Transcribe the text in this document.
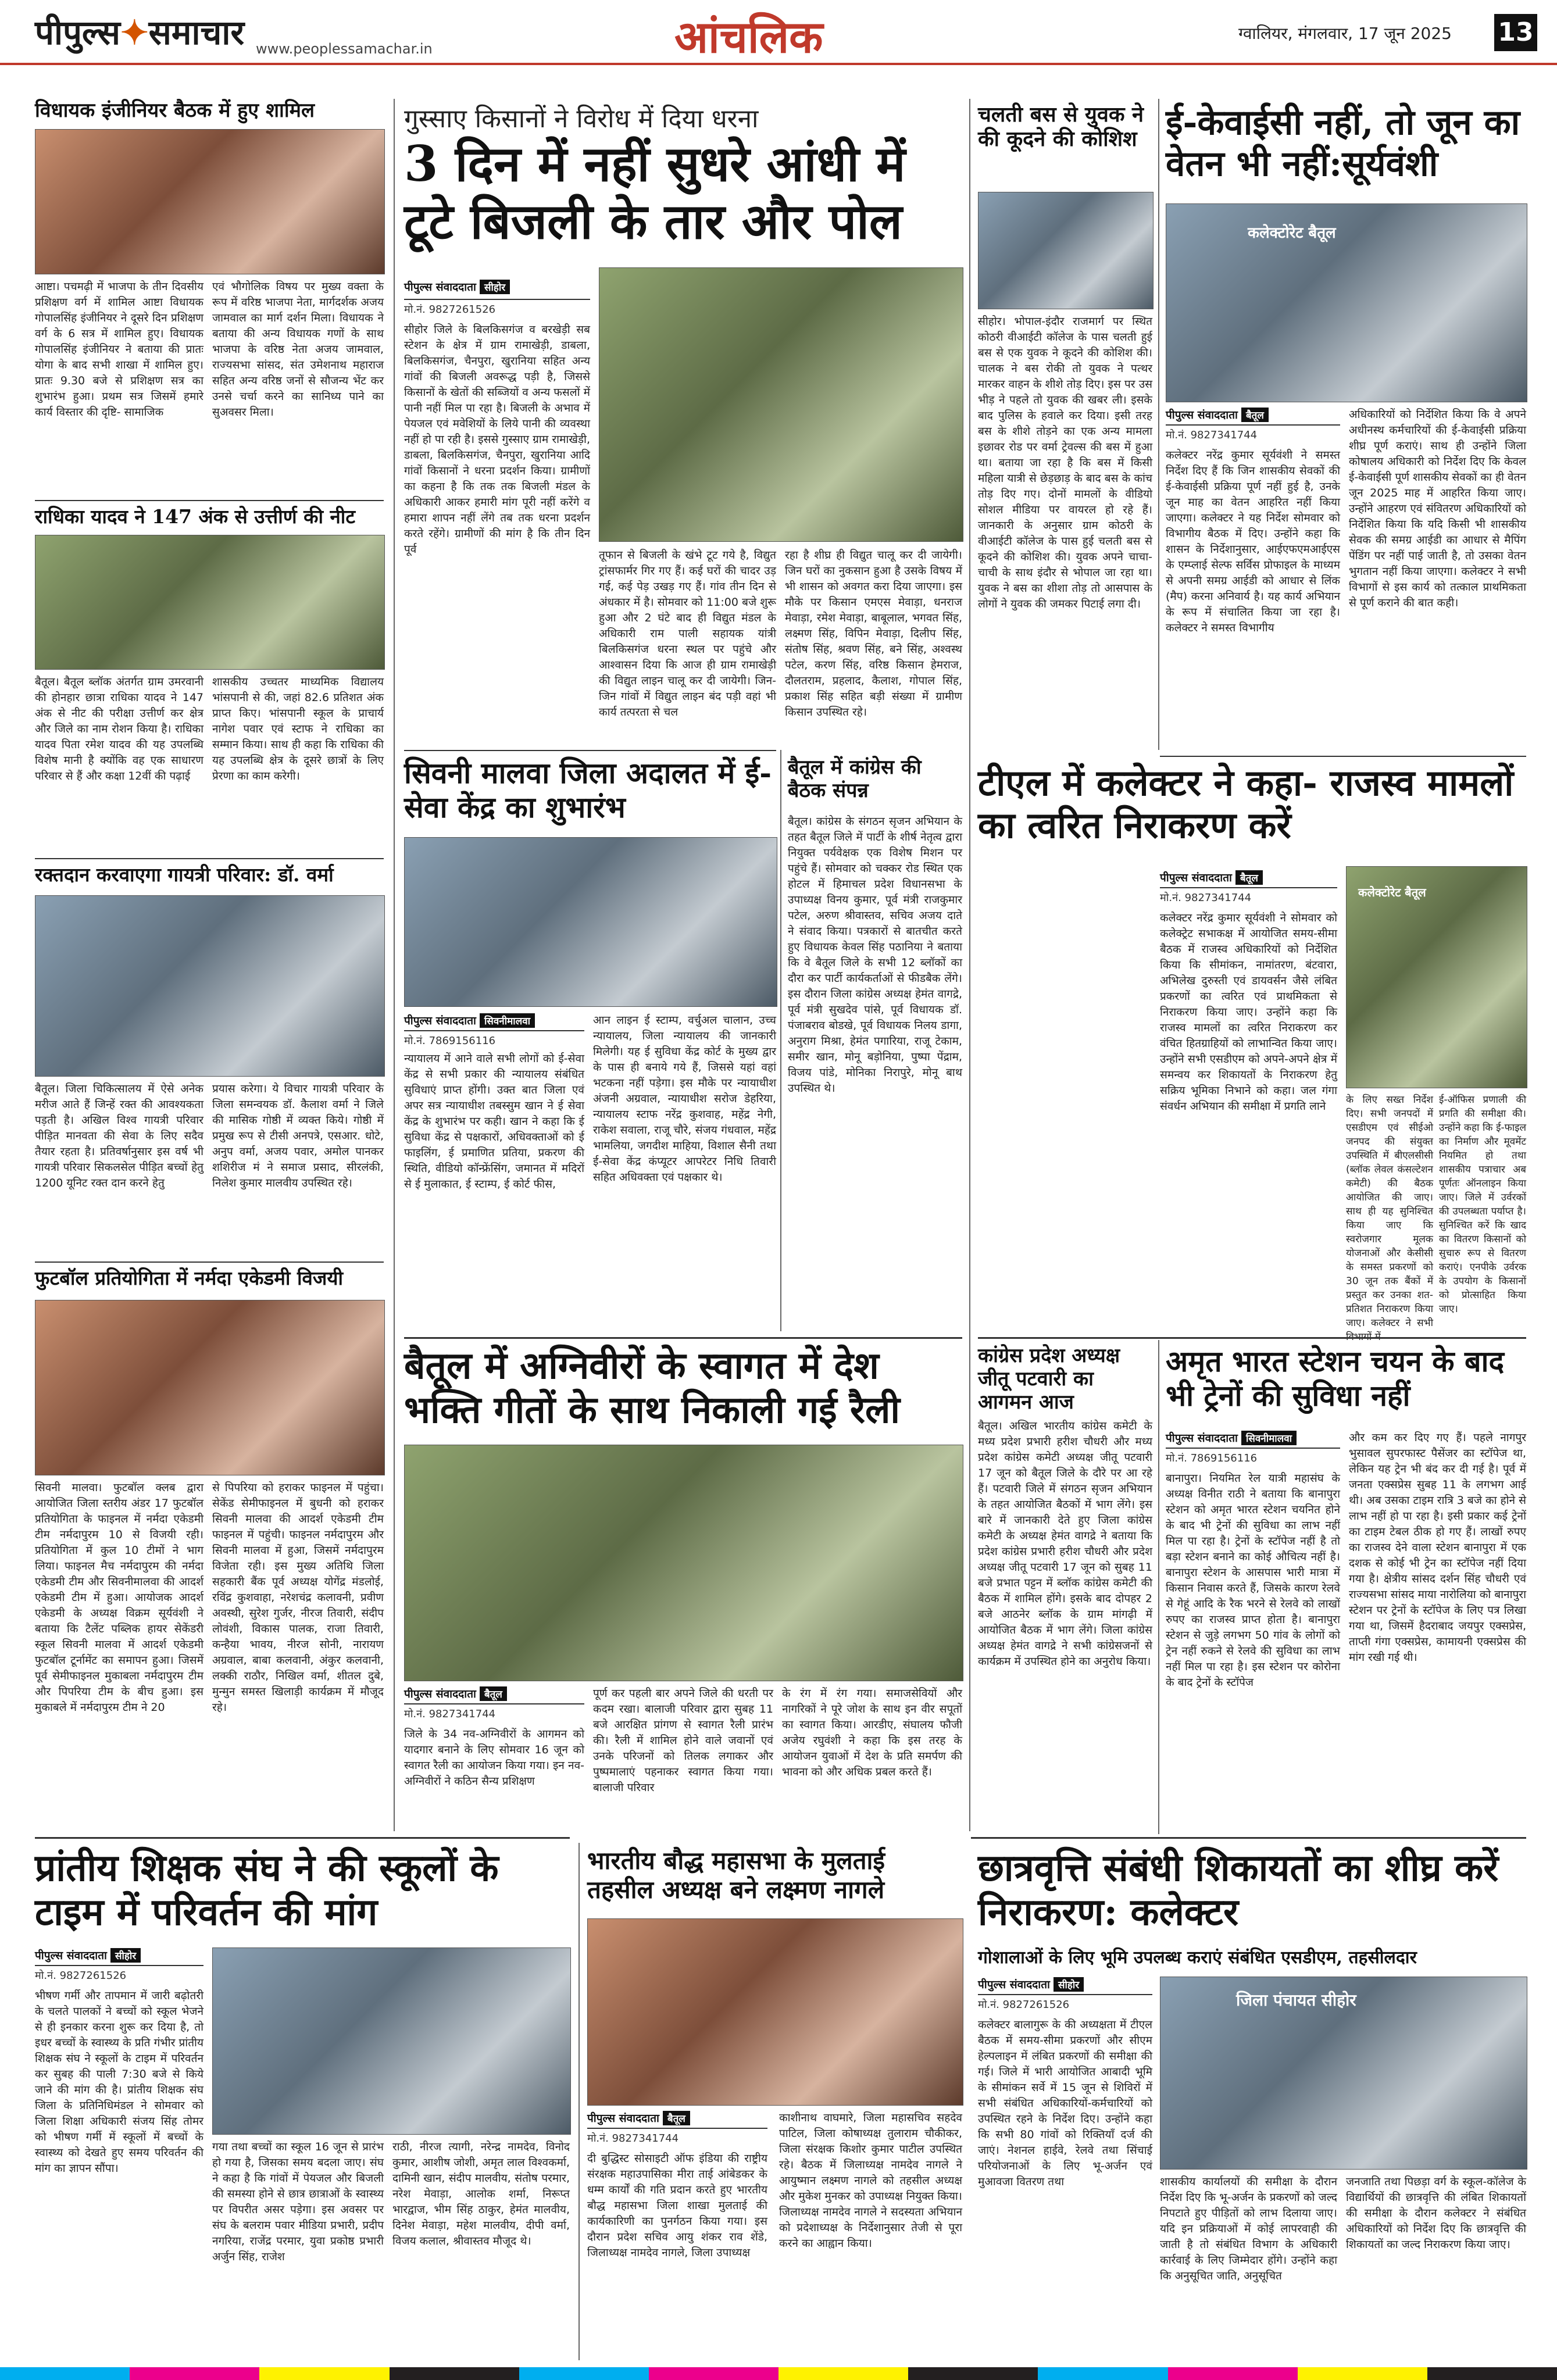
पीपुल्स✦समाचार www.peoplessamachar.in	आंचलिक	ग्वालियर, मंगलवार, 17 जून 2025 13
विधायक इंजीनियर बैठक में हुए शामिल
आष्टा। पचमढ़ी में भाजपा के तीन दिवसीय प्रशिक्षण वर्ग में शामिल आष्टा विधायक गोपालसिंह इंजीनियर ने दूसरे दिन प्रशिक्षण वर्ग के 6 सत्र में शामिल हुए। विधायक गोपालसिंह इंजीनियर ने बताया की प्रातः योगा के बाद सभी शाखा में शामिल हुए। प्रातः 9.30 बजे से प्रशिक्षण सत्र का शुभारंभ हुआ। प्रथम सत्र जिसमें हमारे कार्य विस्तार की दृष्टि- सामाजिक
एवं भौगोलिक विषय पर मुख्य वक्ता के रूप में वरिष्ठ भाजपा नेता, मार्गदर्शक अजय जामवाल का मार्ग दर्शन मिला। विधायक ने बताया की अन्य विधायक गणों के साथ भाजपा के वरिष्ठ नेता अजय जामवाल, राज्यसभा सांसद, संत उमेशनाथ महाराज सहित अन्य वरिष्ठ जनों से सौजन्य भेंट कर उनसे चर्चा करने का सानिध्य पाने का सुअवसर मिला।
राधिका यादव ने 147 अंक से उत्तीर्ण की नीट
बैतूल। बैतूल ब्लॉक अंतर्गत ग्राम उमरवानी की होनहार छात्रा राधिका यादव ने 147 अंक से नीट की परीक्षा उत्तीर्ण कर क्षेत्र और जिले का नाम रोशन किया है। राधिका यादव पिता रमेश यादव की यह उपलब्धि विशेष मानी है क्योंकि वह एक साधारण परिवार से हैं और कक्षा 12वीं की पढ़ाई
शासकीय उच्चतर माध्यमिक विद्यालय भांसपानी से की, जहां 82.6 प्रतिशत अंक प्राप्त किए। भांसपानी स्कूल के प्राचार्य नागेश पवार एवं स्टाफ ने राधिका का सम्मान किया। साथ ही कहा कि राधिका की यह उपलब्धि क्षेत्र के दूसरे छात्रों के लिए प्रेरणा का काम करेगी।
रक्तदान करवाएगा गायत्री परिवार: डॉ. वर्मा
बैतूल। जिला चिकित्सालय में ऐसे अनेक मरीज आते हैं जिन्हें रक्त की आवश्यकता पड़ती है। अखिल विश्व गायत्री परिवार पीड़ित मानवता की सेवा के लिए सदैव तैयार रहता है। प्रतिवर्षानुसार इस वर्ष भी गायत्री परिवार सिकलसेल पीड़ित बच्चों हेतु 1200 यूनिट रक्त दान करने हेतु
प्रयास करेगा। ये विचार गायत्री परिवार के जिला समन्वयक डॉ. कैलाश वर्मा ने जिले की मासिक गोष्ठी में व्यक्त किये। गोष्ठी में प्रमुख रूप से टीसी अनपत्रे, एसआर. धोटे, अनुप वर्मा, अजय पवार, अमोल पानकर शशिरीज मं ने समाज प्रसाद, सीरलंकी, निलेश कुमार मालवीय उपस्थित रहे।
फुटबॉल प्रतियोगिता में नर्मदा एकेडमी विजयी
सिवनी मालवा। फुटबॉल क्लब द्वारा आयोजित जिला स्तरीय अंडर 17 फुटबॉल प्रतियोगिता के फाइनल में नर्मदा एकेडमी टीम नर्मदापुरम 10 से विजयी रही। प्रतियोगिता में कुल 10 टीमों ने भाग लिया। फाइनल मैच नर्मदापुरम की नर्मदा एकेडमी टीम और सिवनीमालवा की आदर्श एकेडमी टीम में हुआ। आयोजक आदर्श एकेडमी के अध्यक्ष विक्रम सूर्यवंशी ने बताया कि टैलेंट पब्लिक हायर सेकेंडरी स्कूल सिवनी मालवा में आदर्श एकेडमी फुटबॉल टूर्नामेंट का समापन हुआ। जिसमें पूर्व सेमीफाइनल मुकाबला नर्मदापुरम टीम और पिपरिया टीम के बीच हुआ। इस मुकाबले में नर्मदापुरम टीम ने 20
से पिपरिया को हराकर फाइनल में पहुंचा। सेकेंड सेमीफाइनल में बुधनी को हराकर सिवनी मालवा की आदर्श एकेडमी टीम फाइनल में पहुंची। फाइनल नर्मदापुरम और सिवनी मालवा में हुआ, जिसमें नर्मदापुरम विजेता रही। इस मुख्य अतिथि जिला सहकारी बैंक पूर्व अध्यक्ष योगेंद्र मंडलोई, रविंद्र कुशवाहा, नरेशचंद्र कलावनी, प्रवीण अवस्थी, सुरेश गुर्जर, नीरज तिवारी, संदीप लोवंशी, विकास पालक, राजा तिवारी, कन्हैया भावय, नीरज सोनी, नारायण अग्रवाल, बाबा कलवानी, अंकुर कलवानी, लक्की राठौर, निखिल वर्मा, शीतल दुबे, मुन्मुन समस्त खिलाड़ी कार्यक्रम में मौजूद रहे।
प्रांतीय शिक्षक संघ ने की स्कूलों के टाइम में परिवर्तन की मांग
पीपुल्स संवाददाता सीहोर
मो.नं. 9827261526
भीषण गर्मी और तापमान में जारी बढ़ोतरी के चलते पालकों ने बच्चों को स्कूल भेजने से ही इनकार करना शुरू कर दिया है, तो इधर बच्चों के स्वास्थ्य के प्रति गंभीर प्रांतीय शिक्षक संघ ने स्कूलों के टाइम में परिवर्तन कर सुबह की पाली 7:30 बजे से किये जाने की मांग की है। प्रांतीय शिक्षक संघ जिला के प्रतिनिधिमंडल ने सोमवार को जिला शिक्षा अधिकारी संजय सिंह तोमर को भीषण गर्मी में स्कूलों में बच्चों के स्वास्थ्य को देखते हुए समय परिवर्तन की मांग का ज्ञापन सौंपा।
गया तथा बच्चों का स्कूल 16 जून से प्रारंभ हो गया है, जिसका समय बदला जाए। संघ ने कहा है कि गांवों में पेयजल और बिजली की समस्या होने से छात्र छात्राओं के स्वास्थ्य पर विपरीत असर पड़ेगा। इस अवसर पर संघ के बलराम पवार मीडिया प्रभारी, प्रदीप नगरिया, राजेंद्र परमार, युवा प्रकोष्ठ प्रभारी अर्जुन सिंह, राजेश
राठी, नीरज त्यागी, नरेन्द्र नामदेव, विनोद कुमार, आशीष जोशी, अमृत लाल विश्वकर्मा, दामिनी खान, संदीप मालवीय, संतोष परमार, नरेश मेवाड़ा, आलोक शर्मा, निरूप्त भारद्वाज, भीम सिंह ठाकुर, हेमंत मालवीय, दिनेश मेवाड़ा, महेश मालवीय, दीपी वर्मा, विजय कलाल, श्रीवास्तव मौजूद थे।
गुस्साए किसानों ने विरोध में दिया धरना
3 दिन में नहीं सुधरे आंधी में टूटे बिजली के तार और पोल
पीपुल्स संवाददाता सीहोर
मो.नं. 9827261526
सीहोर जिले के बिलकिसगंज व बरखेड़ी सब स्टेशन के क्षेत्र में ग्राम रामाखेड़ी, डाबला, बिलकिसगंज, चैनपुरा, खुरानिया सहित अन्य गांवों की बिजली अवरूद्ध पड़ी है, जिससे किसानों के खेतों की सब्जियों व अन्य फसलों में पानी नहीं मिल पा रहा है। बिजली के अभाव में पेयजल एवं मवेशियों के लिये पानी की व्यवस्था नहीं हो पा रही है। इससे गुस्साए ग्राम रामाखेड़ी, डाबला, बिलकिसगंज, चैनपुरा, खुरानिया आदि गांवों किसानों ने धरना प्रदर्शन किया। ग्रामीणों का कहना है कि तक तक बिजली मंडल के अधिकारी आकर हमारी मांग पूरी नहीं करेंगे व हमारा शापन नहीं लेंगे तब तक धरना प्रदर्शन करते रहेंगे। ग्रामीणों की मांग है कि तीन दिन पूर्व	तूफान से बिजली के खंभे टूट गये है, विद्युत ट्रांसफार्मर गिर गए हैं। कई घरों की चादर उड़ गई, कई पेड़ उखड़ गए हैं। गांव तीन दिन से अंधकार में है। सोमवार को 11:00 बजे शुरू हुआ और 2 घंटे बाद ही विद्युत मंडल के अधिकारी राम पाली सहायक यांत्री बिलकिसगंज धरना स्थल पर पहुंचे और आश्वासन दिया कि आज ही ग्राम रामाखेड़ी की विद्युत लाइन चालू कर दी जायेगी। जिन-जिन गांवों में विद्युत लाइन बंद पड़ी वहां भी कार्य तत्परता से चल
रहा है शीघ्र ही विद्युत चालू कर दी जायेगी। जिन घरों का नुकसान हुआ है उसके विषय में भी शासन को अवगत करा दिया जाएगा। इस मौके पर किसान एमएस मेवाड़ा, धनराज मेवाड़ा, रमेश मेवाड़ा, बाबूलाल, भगवत सिंह, लक्ष्मण सिंह, विपिन मेवाड़ा, दिलीप सिंह, संतोष सिंह, श्रवण सिंह, बने सिंह, अश्वस्थ पटेल, करण सिंह, वरिष्ठ किसान हेमराज, दौलतराम, प्रहलाद, कैलाश, गोपाल सिंह, प्रकाश सिंह सहित बड़ी संख्या में ग्रामीण किसान उपस्थित रहे।
सिवनी मालवा जिला अदालत में ई-सेवा केंद्र का शुभारंभ
पीपुल्स संवाददाता सिवनीमालवा
मो.नं. 7869156116
न्यायालय में आने वाले सभी लोगों को ई-सेवा केंद्र से सभी प्रकार की न्यायालय संबंधित सुविधाएं प्राप्त होंगी। उक्त बात जिला एवं अपर सत्र न्यायाधीश तबस्सुम खान ने ई सेवा केंद्र के शुभारंभ पर कही। खान ने कहा कि ई सुविधा केंद्र से पक्षकारों, अधिवक्ताओं को ई फाइलिंग, ई प्रमाणित प्रतिया, प्रकरण की स्थिति, वीडियो कॉन्फ्रेंसिंग, जमानत में मदिरों से ई मुलाकात, ई स्टाम्प, ई कोर्ट फीस,
आन लाइन ई स्टाम्प, वर्चुअल चालान, उच्च न्यायालय, जिला न्यायालय की जानकारी मिलेगी। यह ई सुविधा केंद्र कोर्ट के मुख्य द्वार के पास ही बनाये गये हैं, जिससे यहां वहां भटकना नहीं पड़ेगा। इस मौके पर न्यायाधीश अंजनी अग्रवाल, न्यायाधीश सरोज डेहरिया, न्यायालय स्टाफ नरेंद्र कुशवाह, महेंद्र नेगी, राकेश सवाला, राजू चौरे, संजय गंधवाल, महेंद्र भामलिया, जगदीश माहिया, विशाल सैनी तथा ई-सेवा केंद्र कंप्यूटर आपरेटर निधि तिवारी सहित अधिवक्ता एवं पक्षकार थे।
बैतूल में कांग्रेस की बैठक संपन्न
बैतूल। कांग्रेस के संगठन सृजन अभियान के तहत बैतूल जिले में पार्टी के शीर्ष नेतृत्व द्वारा नियुक्त पर्यवेक्षक एक विशेष मिशन पर पहुंचे हैं। सोमवार को चक्कर रोड स्थित एक होटल में हिमाचल प्रदेश विधानसभा के उपाध्यक्ष विनय कुमार, पूर्व मंत्री राजकुमार पटेल, अरुण श्रीवास्तव, सचिव अजय दाते ने संवाद किया। पत्रकारों से बातचीत करते हुए विधायक केवल सिंह पठानिया ने बताया कि वे बैतूल जिले के सभी 12 ब्लॉकों का दौरा कर पार्टी कार्यकर्ताओं से फीडबैक लेंगे। इस दौरान जिला कांग्रेस अध्यक्ष हेमंत वागद्रे, पूर्व मंत्री सुखदेव पांसे, पूर्व विधायक डॉ. पंजाबराव बोडखे, पूर्व विधायक निलय डागा, अनुराग मिश्रा, हेमंत पगारिया, राजू टेकाम, समीर खान, मोनू बड़ोनिया, पुष्पा पेंद्राम, विजय पांडे, मोनिका निरापुरे, मोनू बाथ उपस्थित थे।
बैतूल में अग्निवीरों के स्वागत में देश भक्ति गीतों के साथ निकाली गई रैली
पीपुल्स संवाददाता बैतूल
मो.नं. 9827341744
जिले के 34 नव-अग्निवीरों के आगमन को यादगार बनाने के लिए सोमवार 16 जून को स्वागत रैली का आयोजन किया गया। इन नव-अग्निवीरों ने कठिन सैन्य प्रशिक्षण
पूर्ण कर पहली बार अपने जिले की धरती पर कदम रखा। बालाजी परिवार द्वारा सुबह 11 बजे आरक्षित प्रांगण से स्वागत रैली प्रारंभ की। रैली में शामिल होने वाले जवानों एवं उनके परिजनों को तिलक लगाकर और पुष्पमालाएं पहनाकर स्वागत किया गया। बालाजी परिवार
के रंग में रंग गया। समाजसेवियों और नागरिकों ने पूरे जोश के साथ इन वीर सपूतों का स्वागत किया। आरडीए, संघालय फौजी अजेय रघुवंशी ने कहा कि इस तरह के आयोजन युवाओं में देश के प्रति समर्पण की भावना को और अधिक प्रबल करते हैं।
भारतीय बौद्ध महासभा के मुलताई तहसील अध्यक्ष बने लक्ष्मण नागले
पीपुल्स संवाददाता बैतूल
मो.नं. 9827341744
दी बुद्धिस्ट सोसाइटी ऑफ इंडिया की राष्ट्रीय संरक्षक महाउपासिका मीरा ताई आंबेडकर के धम्म कार्यों की गति प्रदान करते हुए भारतीय बौद्ध महासभा जिला शाखा मुलताई की कार्यकारिणी का पुनर्गठन किया गया। इस दौरान प्रदेश सचिव आयु शंकर राव शेंडे, जिलाध्यक्ष नामदेव नागले, जिला उपाध्यक्ष
काशीनाथ वाघमारे, जिला महासचिव सहदेव पाटिल, जिला कोषाध्यक्ष तुलाराम चौकीकर, जिला संरक्षक किशोर कुमार पाटील उपस्थित रहे। बैठक में जिलाध्यक्ष नामदेव नागले ने आयुष्मान लक्ष्मण नागले को तहसील अध्यक्ष और मुकेश मुनकर को उपाध्यक्ष नियुक्त किया। जिलाध्यक्ष नामदेव नागले ने सदस्यता अभियान को प्रदेशाध्यक्ष के निर्देशानुसार तेजी से पूरा करने का आह्वान किया।
चलती बस से युवक ने की कूदने की कोशिश
सीहोर। भोपाल-इंदौर राजमार्ग पर स्थित कोठरी वीआईटी कॉलेज के पास चलती हुई बस से एक युवक ने कूदने की कोशिश की। चालक ने बस रोकी तो युवक ने पत्थर मारकर वाहन के शीशे तोड़ दिए। इस पर उस भीड़ ने पहले तो युवक की खबर ली। इसके बाद पुलिस के हवाले कर दिया। इसी तरह बस के शीशे तोड़ने का एक अन्य मामला इछावर रोड पर वर्मा ट्रेवल्स की बस में हुआ था। बताया जा रहा है कि बस में किसी महिला यात्री से छेड़छाड़ के बाद बस के कांच तोड़ दिए गए। दोनों मामलों के वीडियो सोशल मीडिया पर वायरल हो रहे हैं। जानकारी के अनुसार ग्राम कोठरी के वीआईटी कॉलेज के पास हुई चलती बस से कूदने की कोशिश की। युवक अपने चाचा-चाची के साथ इंदौर से भोपाल जा रहा था। युवक ने बस का शीशा तोड़ तो आसपास के लोगों ने युवक की जमकर पिटाई लगा दी।
ई-केवाईसी नहीं, तो जून का वेतन भी नहीं:सूर्यवंशी
कलेक्टोरेट बैतूल
पीपुल्स संवाददाता बैतूल
मो.नं. 9827341744
कलेक्टर नरेंद्र कुमार सूर्यवंशी ने समस्त निर्देश दिए हैं कि जिन शासकीय सेवकों की ई-केवाईसी प्रक्रिया पूर्ण नहीं हुई है, उनके जून माह का वेतन आहरित नहीं किया जाएगा। कलेक्टर ने यह निर्देश सोमवार को विभागीय बैठक में दिए। उन्होंने कहा कि शासन के निर्देशानुसार, आईएफएमआईएस के एम्प्लाई सेल्फ सर्विस प्रोफाइल के माध्यम से अपनी समग्र आईडी को आधार से लिंक (मैप) करना अनिवार्य है। यह कार्य अभियान के रूप में संचालित किया जा रहा है। कलेक्टर ने समस्त विभागीय
अधिकारियों को निर्देशित किया कि वे अपने अधीनस्थ कर्मचारियों की ई-केवाईसी प्रक्रिया शीघ्र पूर्ण कराएं। साथ ही उन्होंने जिला कोषालय अधिकारी को निर्देश दिए कि केवल ई-केवाईसी पूर्ण शासकीय सेवकों का ही वेतन जून 2025 माह में आहरित किया जाए। उन्होंने आहरण एवं संवितरण अधिकारियों को निर्देशित किया कि यदि किसी भी शासकीय सेवक की समग्र आईडी का आधार से मैपिंग पेंडिंग पर नहीं पाई जाती है, तो उसका वेतन भुगतान नहीं किया जाएगा। कलेक्टर ने सभी विभागों से इस कार्य को तत्काल प्राथमिकता से पूर्ण कराने की बात कही।
टीएल में कलेक्टर ने कहा- राजस्व मामलों का त्वरित निराकरण करें
पीपुल्स संवाददाता बैतूल
मो.नं. 9827341744
कलेक्टर नरेंद्र कुमार सूर्यवंशी ने सोमवार को कलेक्ट्रेट सभाकक्ष में आयोजित समय-सीमा बैठक में राजस्व अधिकारियों को निर्देशित किया कि सीमांकन, नामांतरण, बंटवारा, अभिलेख दुरुस्ती एवं डायवर्सन जैसे लंबित प्रकरणों का त्वरित एवं प्राथमिकता से निराकरण किया जाए। उन्होंने कहा कि राजस्व मामलों का त्वरित निराकरण कर वंचित हितग्राहियों को लाभान्वित किया जाए। उन्होंने सभी एसडीएम को अपने-अपने क्षेत्र में समन्वय कर शिकायतों के निराकरण हेतु सक्रिय भूमिका निभाने को कहा। जल गंगा संवर्धन अभियान की समीक्षा में प्रगति लाने
कलेक्टोरेट बैतूल
के लिए सख्त निर्देश दिए। सभी जनपदों में एसडीएम एवं सीईओ जनपद की संयुक्त उपस्थिति में बीएलसीसी (ब्लॉक लेवल कंसल्टेशन कमेटी) की बैठक आयोजित की जाए। साथ ही यह सुनिश्चित किया जाए कि स्वरोजगार मूलक योजनाओं और केसीसी के समस्त प्रकरणों को 30 जून तक बैंकों में प्रस्तुत कर उनका शत-प्रतिशत निराकरण किया जाए। कलेक्टर ने सभी
ई-ऑफिस प्रणाली की प्रगति की समीक्षा की। उन्होंने कहा कि ई-फाइल का निर्माण और मूवमेंट नियमित हो तथा शासकीय पत्राचार अब पूर्णतः ऑनलाइन किया जाए। जिले में उर्वरकों की उपलब्धता पर्याप्त है। सुनिश्चित करें कि खाद का वितरण किसानों को सुचारु रूप से वितरण कराएं। एनपीके उर्वरक के उपयोग के किसानों को प्रोत्साहित किया जाए।
कांग्रेस प्रदेश अध्यक्ष जीतू पटवारी का आगमन आज
बैतूल। अखिल भारतीय कांग्रेस कमेटी के मध्य प्रदेश प्रभारी हरीश चौधरी और मध्य प्रदेश कांग्रेस कमेटी अध्यक्ष जीतू पटवारी 17 जून को बैतूल जिले के दौरे पर आ रहे हैं। पटवारी जिले में संगठन सृजन अभियान के तहत आयोजित बैठकों में भाग लेंगे। इस बारे में जानकारी देते हुए जिला कांग्रेस कमेटी के अध्यक्ष हेमंत वागद्रे ने बताया कि प्रदेश कांग्रेस प्रभारी हरीश चौधरी और प्रदेश अध्यक्ष जीतू पटवारी 17 जून को सुबह 11 बजे प्रभात पट्टन में ब्लॉक कांग्रेस कमेटी की बैठक में शामिल होंगे। इसके बाद दोपहर 2 बजे आठनेर ब्लॉक के ग्राम मांगढ़ी में आयोजित बैठक में भाग लेंगे। जिला कांग्रेस अध्यक्ष हेमंत वागद्रे ने सभी कांग्रेसजनों से कार्यक्रम में उपस्थित होने का अनुरोध किया।
अमृत भारत स्टेशन चयन के बाद भी ट्रेनों की सुविधा नहीं
पीपुल्स संवाददाता सिवनीमालवा
मो.नं. 7869156116
बानापुरा। नियमित रेल यात्री महासंघ के अध्यक्ष विनीत राठी ने बताया कि बानापुरा स्टेशन को अमृत भारत स्टेशन चयनित होने के बाद भी ट्रेनों की सुविधा का लाभ नहीं मिल पा रहा है। ट्रेनों के स्टॉपेज नहीं है तो बड़ा स्टेशन बनाने का कोई औचित्य नहीं है। बानापुरा स्टेशन के आसपास भारी मात्रा में किसान निवास करते हैं, जिसके कारण रेलवे से गेहूं आदि के रैक भरने से रेलवे को लाखों रुपए का राजस्व प्राप्त होता है। बानापुरा स्टेशन से जुड़े लगभग 50 गांव के लोगों को ट्रेन नहीं रुकने से रेलवे की सुविधा का लाभ नहीं मिल पा रहा है। इस स्टेशन पर कोरोना के बाद ट्रेनों के स्टॉपेज
और कम कर दिए गए हैं। पहले नागपुर भुसावल सुपरफास्ट पैसेंजर का स्टॉपेज था, लेकिन यह ट्रेन भी बंद कर दी गई है। पूर्व में जनता एक्सप्रेस सुबह 11 के लगभग आई थी। अब उसका टाइम रात्रि 3 बजे का होने से लाभ नहीं हो पा रहा है। इसी प्रकार कई ट्रेनों का टाइम टेबल ठीक हो गए हैं। लाखों रुपए का राजस्व देने वाला स्टेशन बानापुरा में एक दशक से कोई भी ट्रेन का स्टॉपेज नहीं दिया गया है। क्षेत्रीय सांसद दर्शन सिंह चौधरी एवं राज्यसभा सांसद माया नारोलिया को बानापुरा स्टेशन पर ट्रेनों के स्टॉपेज के लिए पत्र लिखा गया था, जिसमें हैदराबाद जयपुर एक्सप्रेस, ताप्ती गंगा एक्सप्रेस, कामायनी एक्सप्रेस की मांग रखी गई थी।
छात्रवृत्ति संबंधी शिकायतों का शीघ्र करें निराकरण: कलेक्टर
गोशालाओं के लिए भूमि उपलब्ध कराएं संबंधित एसडीएम, तहसीलदार
पीपुल्स संवाददाता सीहोर
मो.नं. 9827261526
कलेक्टर बालागुरू के की अध्यक्षता में टीएल बैठक में समय-सीमा प्रकरणों और सीएम हेल्पलाइन में लंबित प्रकरणों की समीक्षा की गई। जिले में भारी आयोजित आबादी भूमि के सीमांकन सर्वे में 15 जून से शिविरों में सभी संबंधित अधिकारियों-कर्मचारियों को उपस्थित रहने के निर्देश दिए। उन्होंने कहा कि सभी 80 गांवों को रिक्तियाँ दर्ज की जाएं। नेशनल हाईवे, रेलवे तथा सिंचाई परियोजनाओं के लिए भू-अर्जन एवं मुआवजा वितरण तथा
जिला पंचायत सीहोर
शासकीय कार्यालयों की समीक्षा के दौरान निर्देश दिए कि भू-अर्जन के प्रकरणों को जल्द निपटाते हुए पीड़ितों को लाभ दिलाया जाए। यदि इन प्रक्रियाओं में कोई लापरवाही की जाती है तो संबंधित विभाग के अधिकारी कार्रवाई के लिए जिम्मेदार होंगे। उन्होंने कहा कि अनुसूचित जाति, अनुसूचित
जनजाति तथा पिछड़ा वर्ग के स्कूल-कॉलेज के विद्यार्थियों की छात्रवृत्ति की लंबित शिकायतों की समीक्षा के दौरान कलेक्टर ने संबंधित अधिकारियों को निर्देश दिए कि छात्रवृत्ति की शिकायतों का जल्द निराकरण किया जाए।
